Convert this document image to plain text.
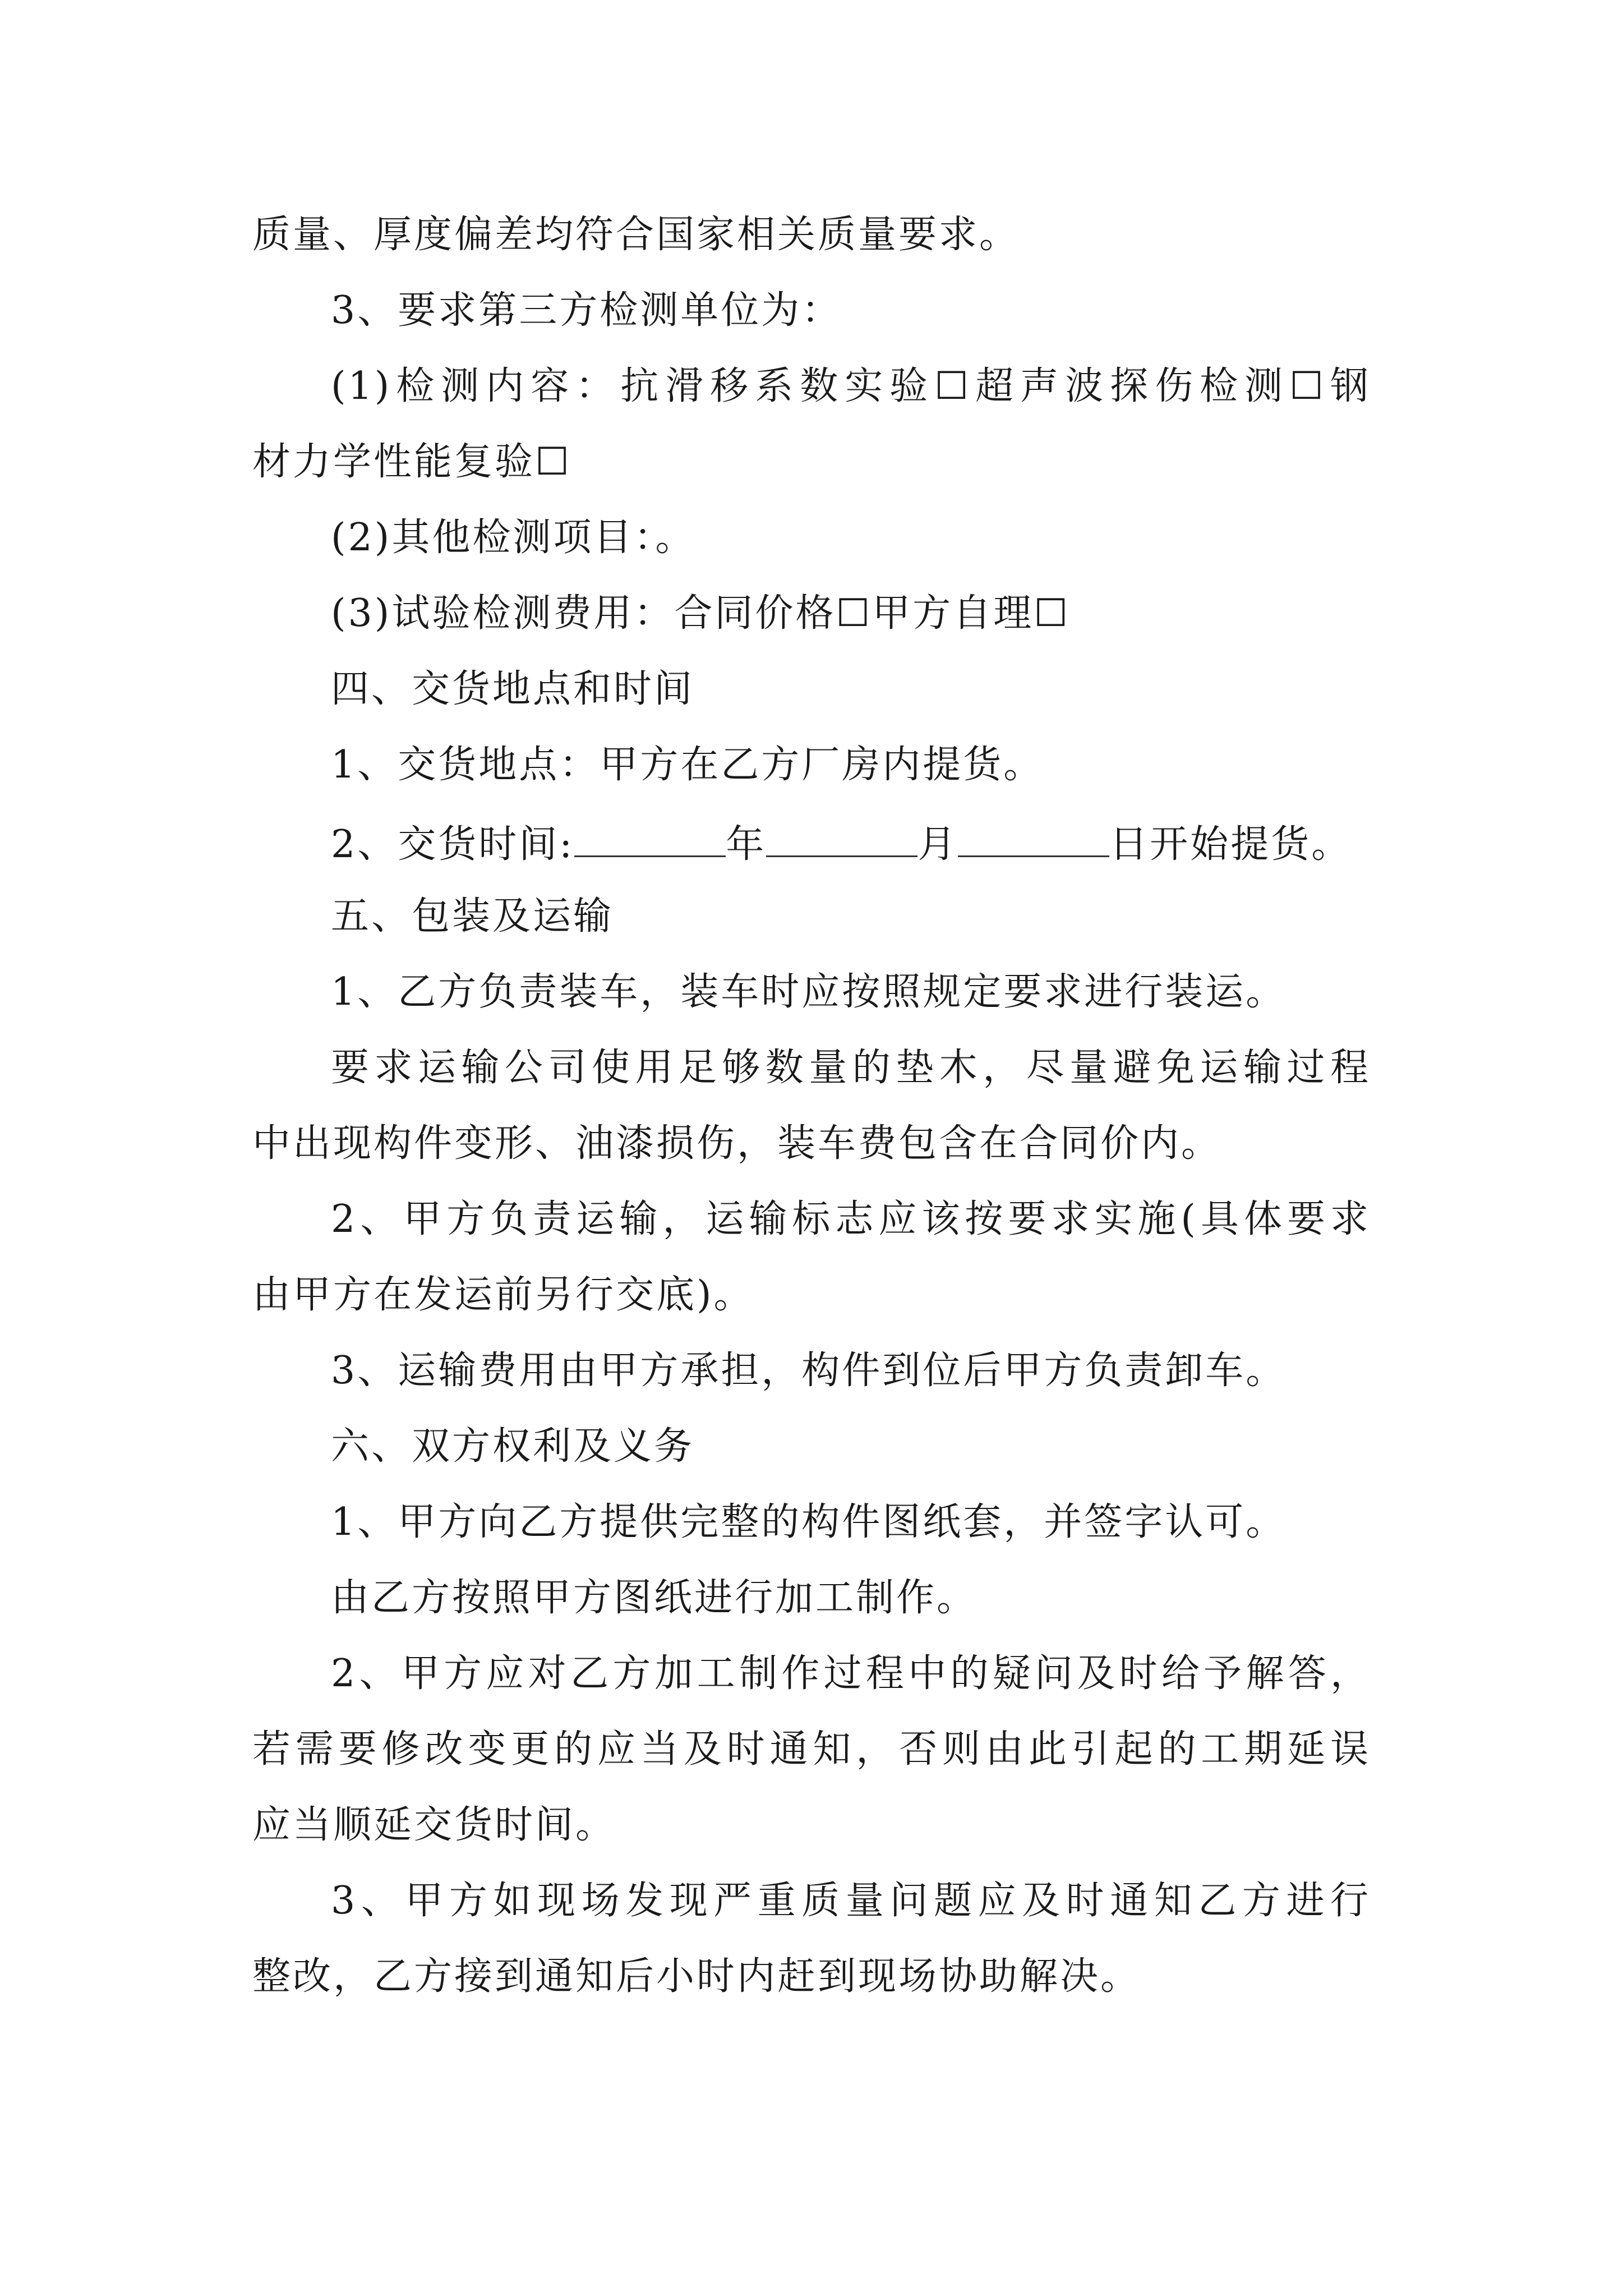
质量、厚度偏差均符合国家相关质量要求。
3、要求第三方检测单位为：
(1)检测内容：抗滑移系数实验☐超声波探伤检测☐钢
材力学性能复验☐
(2)其他检测项目：。
(3)试验检测费用：合同价格☐甲方自理☐
四、交货地点和时间
1、交货地点：甲方在乙方厂房内提货。
2、交货时间:	年	月	日开始提货。
五、包装及运输
1、乙方负责装车，装车时应按照规定要求进行装运。
要求运输公司使用足够数量的垫木，尽量避免运输过程
中出现构件变形、油漆损伤，装车费包含在合同价内。
2、甲方负责运输，运输标志应该按要求实施(具体要求
由甲方在发运前另行交底)。
3、运输费用由甲方承担，构件到位后甲方负责卸车。
六、双方权利及义务
1、甲方向乙方提供完整的构件图纸套，并签字认可。
由乙方按照甲方图纸进行加工制作。
2、甲方应对乙方加工制作过程中的疑问及时给予解答，
若需要修改变更的应当及时通知，否则由此引起的工期延误
应当顺延交货时间。
3、甲方如现场发现严重质量问题应及时通知乙方进行
整改，乙方接到通知后小时内赶到现场协助解决。
